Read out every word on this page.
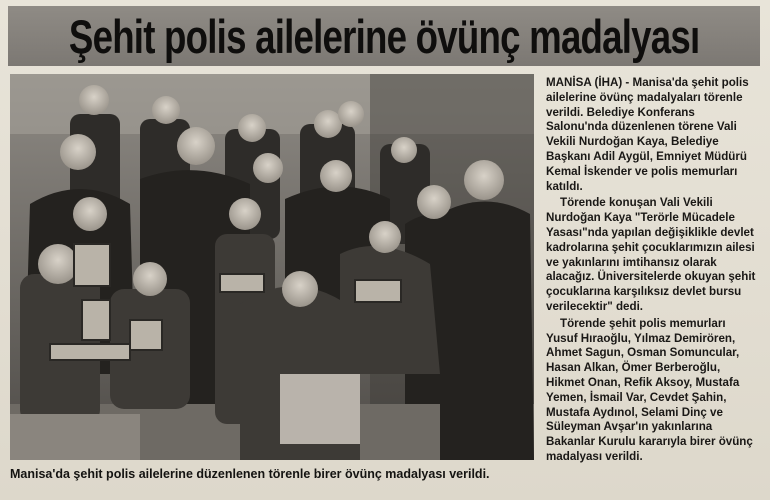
Şehit polis ailelerine övünç madalyası
Manisa'da şehit polis ailelerine düzenlenen törenle birer övünç madalyası verildi.

MANİSA (İHA) - Manisa'da şehit polis ailelerine övünç madalyaları törenle verildi. Belediye Konferans Salonu'nda düzenlenen törene Vali Vekili Nurdoğan Kaya, Belediye Başkanı Adil Aygül, Emniyet Müdürü Kemal İskender ve polis memurları katıldı.

Törende konuşan Vali Vekili Nurdoğan Kaya "Terörle Mücadele Yasası"nda yapılan değişiklikle devlet kadrolarına şehit çocuklarımızın ailesi ve yakınlarını imtihansız olarak alacağız. Üniversitelerde okuyan şehit çocuklarına karşılıksız devlet bursu verilecektir" dedi.

Törende şehit polis memurları Yusuf Hıraoğlu, Yılmaz Demirören, Ahmet Sagun, Osman Somuncular, Hasan Alkan, Ömer Berberoğlu, Hikmet Onan, Refik Aksoy, Mustafa Yemen, İsmail Var, Cevdet Şahin, Mustafa Aydınol, Selami Dinç ve Süleyman Avşar'ın yakınlarına Bakanlar Kurulu kararıyla birer övünç madalyası verildi.
